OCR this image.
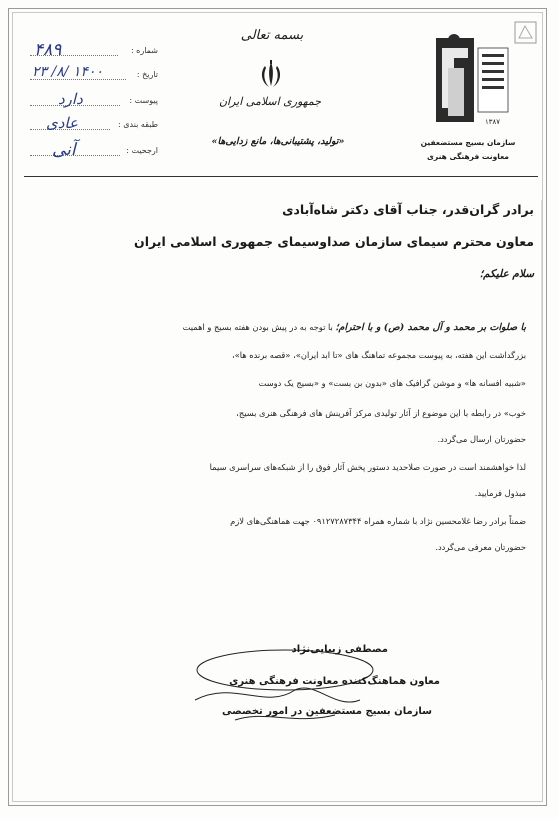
شماره :
۴۸۹
تاریخ :
۱۴۰۰ /۸/ ۲۳
پیوست :
دارد
طبقه بندی :
عادی
ارجحیت :
آنی
بسمه تعالی
جمهوری اسلامی ایران
«تولید، پشتیبانی‌ها، مانع زدایی‌ها»
۱۳۸۷
سازمان بسیج مستضعفین
معاونت فرهنگی هنری
برادر گران‌قدر، جناب آقای دکتر شاه‌آبادی
معاون محترم سیمای سازمان صداوسیمای جمهوری اسلامی ایران
سلام علیکم؛
با صلوات بر محمد و آل محمد (ص) و با احترام؛ با توجه به در پیش بودن هفته بسیج و اهمیت
بزرگداشت این هفته، به پیوست مجموعه تماهنگ های «تا ابد ایران»، «قصه برنده ها»،
«شبیه افسانه ها» و موشن گرافیک های «بدون بن بست» و «بسیج یک دوست
خوب» در رابطه با این موضوع از آثار تولیدی مرکز آفرینش های فرهنگی هنری بسیج،
حضورتان ارسال می‌گردد.
لذا خواهشمند است در صورت صلاحدید دستور پخش آثار فوق را از شبکه‌های سراسری سیما
مبذول فرمایید.
ضمناً برادر رضا غلامحسین نژاد با شماره همراه ۰۹۱۲۷۲۸۷۳۴۴ جهت هماهنگی‌های لازم
حضورتان معرفی می‌گردد.
مصطفی زیبایی‌نژاد
معاون هماهنگ‌کننده معاونت فرهنگی هنری
سازمان بسیج مستضعفین در امور تخصصی
